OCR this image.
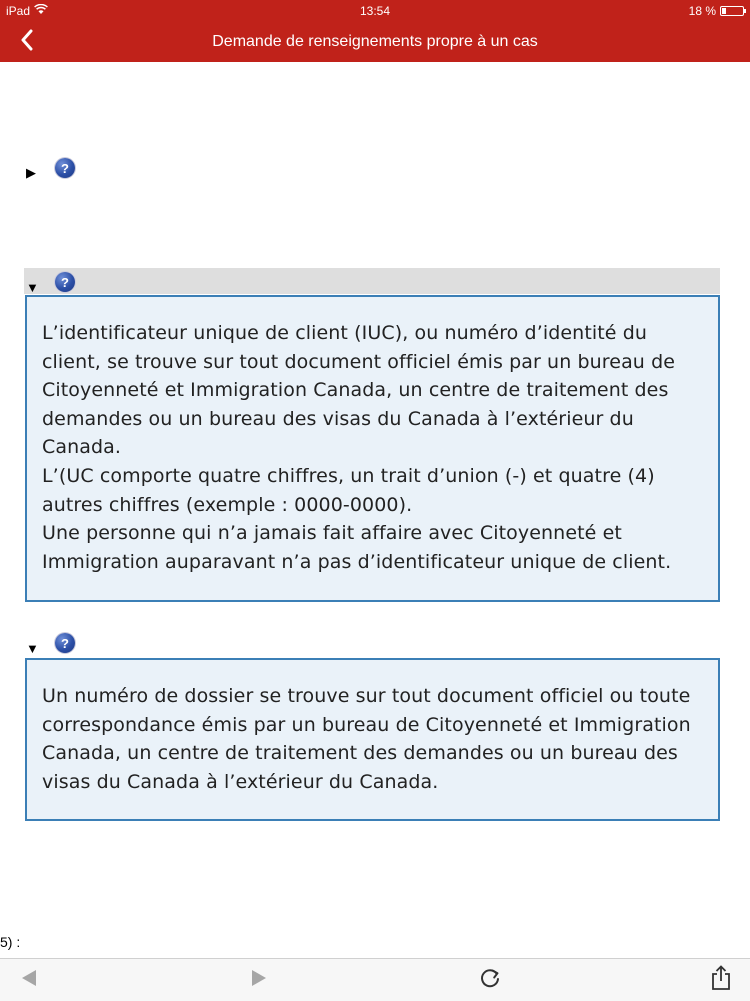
iPad	13:54	18 %
Demande de renseignements propre à un cas
▶ ?
▼ ?

L’identificateur unique de client (IUC), ou numéro d’identité du client, se trouve sur tout document officiel émis par un bureau de Citoyenneté et Immigration Canada, un centre de traitement des demandes ou un bureau des visas du Canada à l’extérieur du Canada.

L’(UC comporte quatre chiffres, un trait d’union (-) et quatre (4) autres chiffres (exemple : 0000-0000).

Une personne qui n’a jamais fait affaire avec Citoyenneté et Immigration auparavant n’a pas d’identificateur unique de client.

▼ ?

Un numéro de dossier se trouve sur tout document officiel ou toute correspondance émis par un bureau de Citoyenneté et Immigration Canada, un centre de traitement des demandes ou un bureau des visas du Canada à l’extérieur du Canada.

5) :
